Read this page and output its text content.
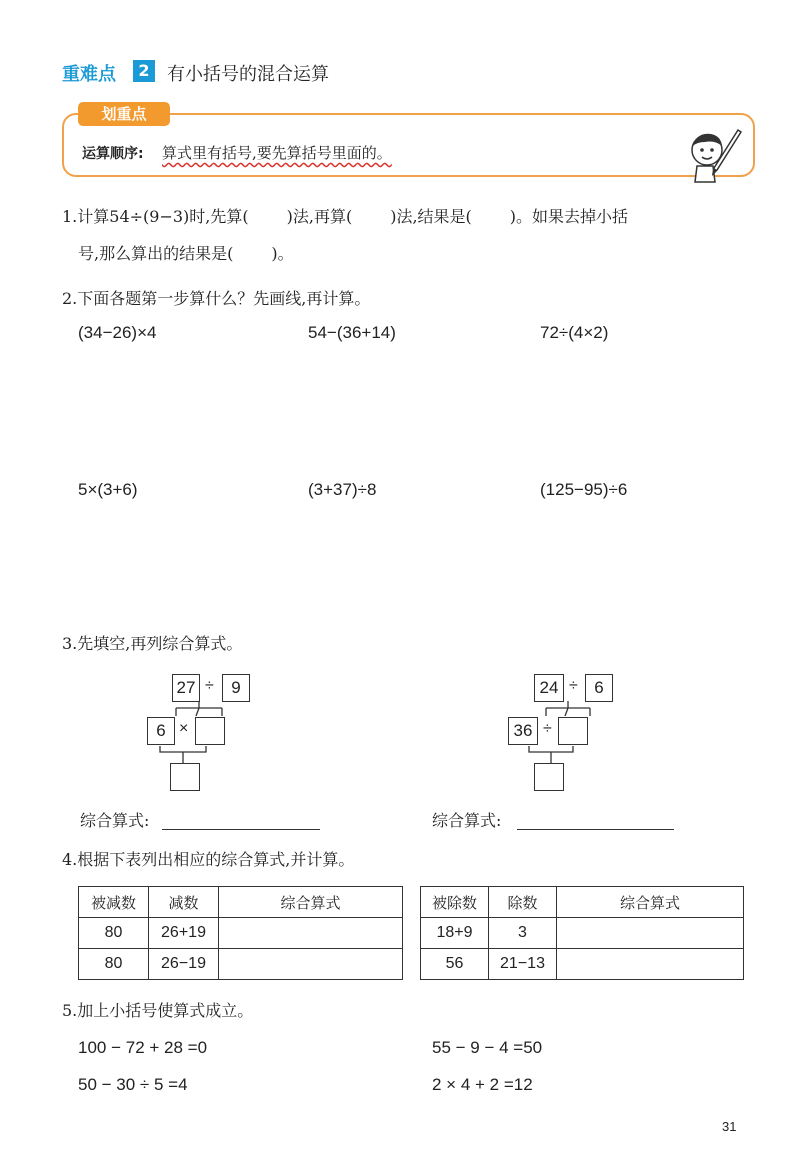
重难点	2 有小括号的混合运算
划重点
运算顺序: 算式里有括号,要先算括号里面的。
1.计算54÷(9−3)时,先算( )法,再算( )法,结果是( )。如果去掉小括
号,那么算出的结果是( )。
2.下面各题第一步算什么？先画线,再计算。
(34−26)×4	54−(36+14)	72÷(4×2)
5×(3+6)	(3+37)÷8	(125−95)÷6
3.先填空,再列综合算式。
27 ÷	9
6 ×
24 ÷ 6
36 ÷
综合算式:	综合算式:
4.根据下表列出相应的综合算式,并计算。
被减数	减数	综合算式
80	26+19	
80	26−19	
被除数	除数	综合算式
18+9	3	
56	21−13	
5.加上小括号使算式成立。
100 − 72 + 28 =0	55 − 9 − 4 =50
50 − 30 ÷ 5 =4	2 × 4 + 2 =12
31
